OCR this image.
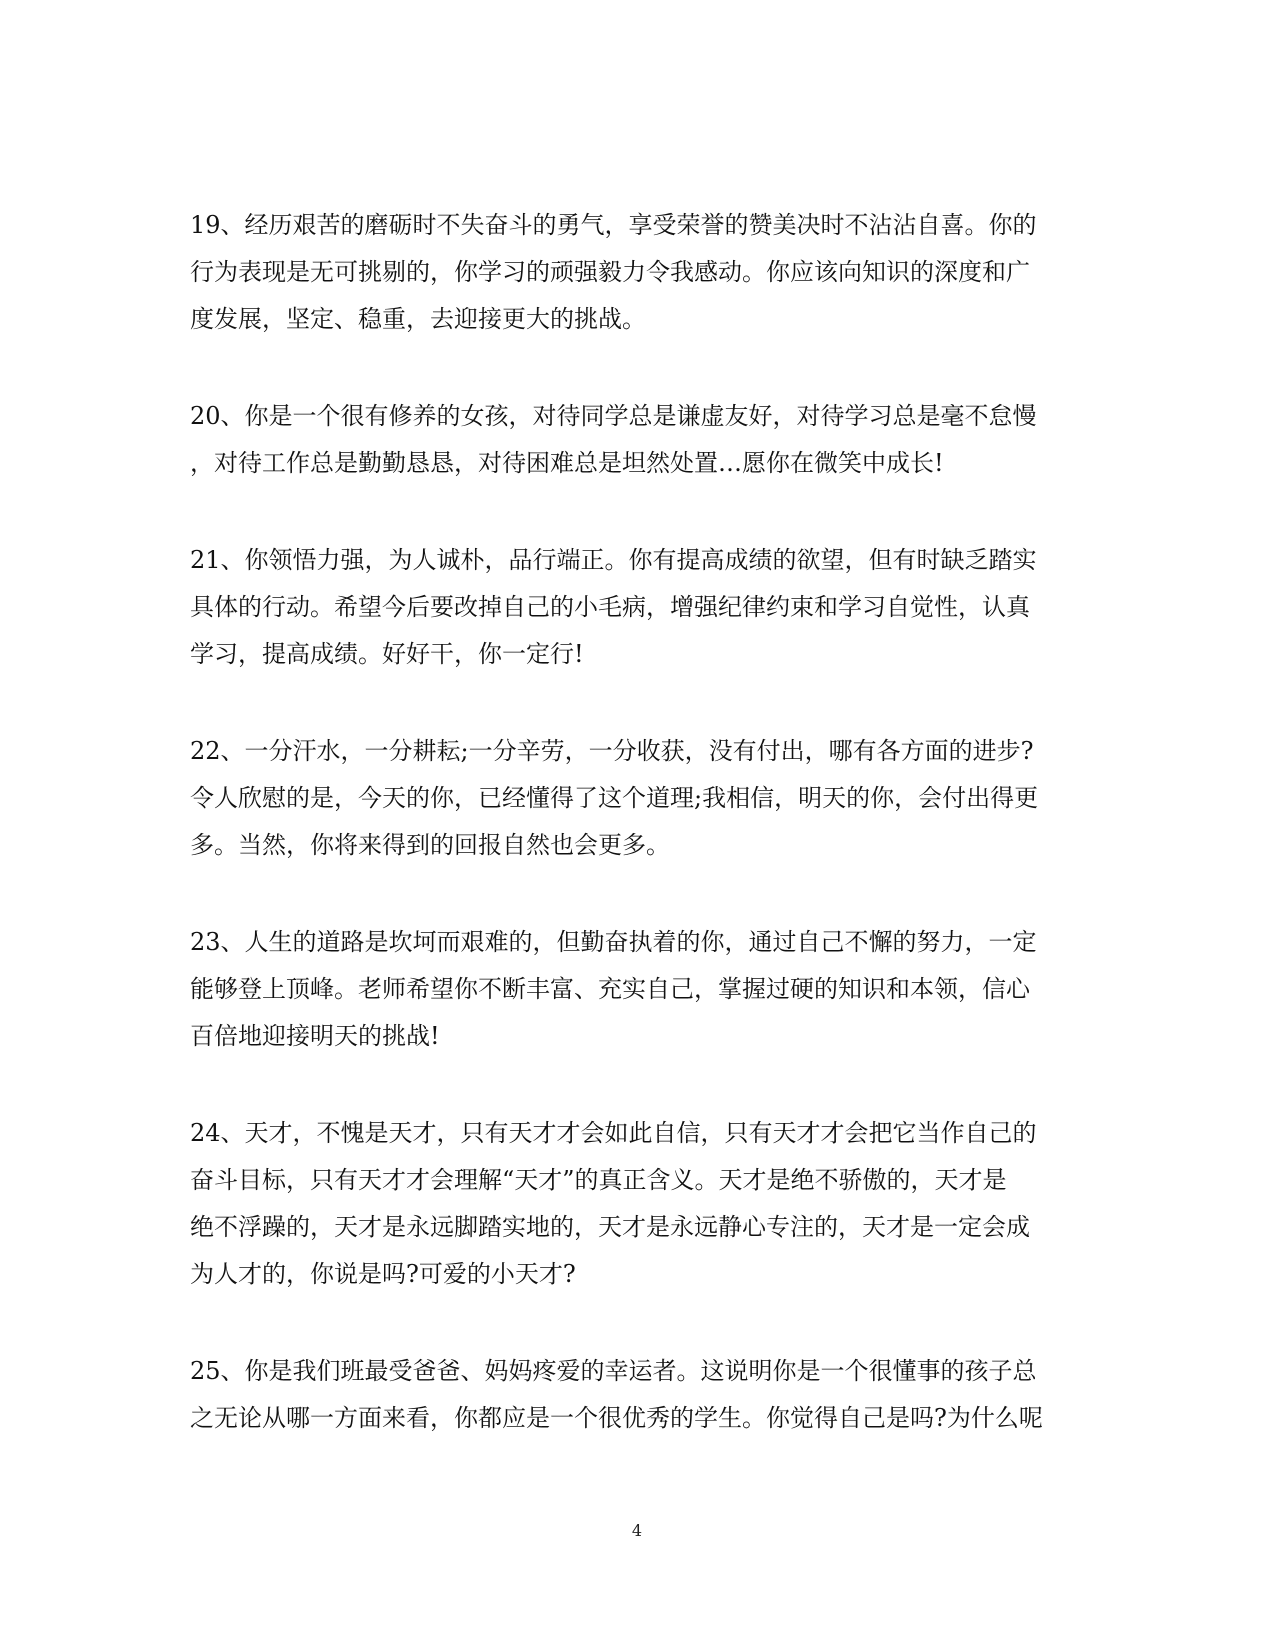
19、经历艰苦的磨砺时不失奋斗的勇气，享受荣誉的赞美决时不沾沾自喜。你的
行为表现是无可挑剔的，你学习的顽强毅力令我感动。你应该向知识的深度和广
度发展，坚定、稳重，去迎接更大的挑战。

20、你是一个很有修养的女孩，对待同学总是谦虚友好，对待学习总是毫不怠慢
，对待工作总是勤勤恳恳，对待困难总是坦然处置…愿你在微笑中成长!

21、你领悟力强，为人诚朴，品行端正。你有提高成绩的欲望，但有时缺乏踏实
具体的行动。希望今后要改掉自己的小毛病，增强纪律约束和学习自觉性，认真
学习，提高成绩。好好干，你一定行!

22、一分汗水，一分耕耘;一分辛劳，一分收获，没有付出，哪有各方面的进步?
令人欣慰的是，今天的你，已经懂得了这个道理;我相信，明天的你，会付出得更
多。当然，你将来得到的回报自然也会更多。

23、人生的道路是坎坷而艰难的，但勤奋执着的你，通过自己不懈的努力，一定
能够登上顶峰。老师希望你不断丰富、充实自己，掌握过硬的知识和本领，信心
百倍地迎接明天的挑战!

24、天才，不愧是天才，只有天才才会如此自信，只有天才才会把它当作自己的
奋斗目标，只有天才才会理解“天才”的真正含义。天才是绝不骄傲的，天才是
绝不浮躁的，天才是永远脚踏实地的，天才是永远静心专注的，天才是一定会成
为人才的，你说是吗?可爱的小天才?

25、你是我们班最受爸爸、妈妈疼爱的幸运者。这说明你是一个很懂事的孩子总
之无论从哪一方面来看，你都应是一个很优秀的学生。你觉得自己是吗?为什么呢

4
